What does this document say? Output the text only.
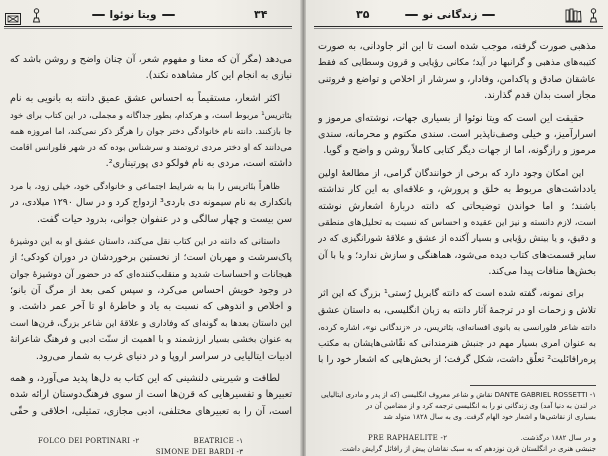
ویتا نوئوا	۳۴
می‌دهد (مگر آن که معنا و مفهوم شعر، آن چنان واضح و روشن باشد که
نیازی به انجام این کار مشاهده نکند).
اکثر اشعار، مستقیماً به احساس عشق عمیق دانته به بانویی به نام
بئاتریس¹ مربوط است، و هرکدام، بطور جداگانه و مجملی، در این کتاب برای خود
جا بازکنند. دانته نام خانوادگی دختر جوان را هرگز ذکر نمی‌کند، اما امروزه همه
می‌دانند که او دختر مردی ثروتمند و سرشناس بوده که در شهر فلورانس اقامت
داشته است، مردی به نام فولکو دی پورتیناری².
ظاهراً بئاتریس را بنا به شرایط اجتماعی و خانوادگی خود، خیلی زود، با مرد
بانکداری به نام سیمونه دی باردی³ ازدواج کرد و در سال ۱۲۹۰ میلادی، در
سن بیست و چهار سالگی و در عنفوان جوانی، بدرود حیات گفت.
داستانی که دانته در این کتاب نقل می‌کند، داستان عشق او به این دوشیزهٔ
پاک‌سرشت و مهربان است؛ از نخستین برخوردشان در دوران کودکی؛ از
هیجانات و احساسات شدید و منقلب‌کننده‌ای که در حضور آن دوشیزهٔ جوان
در وجود خویش احساس می‌کرد، و سپس کمی بعد از مرگ آن بانو؛
و اخلاص و اندوهی که نسبت به یاد و خاطرهٔ او تا آخر عمر داشت. و
این داستان بعدها به گونه‌ای که وفاداری و علاقهٔ این شاعر بزرگ، قرن‌ها است
به عنوان بخشی بسیار ارزشمند و با اهمیت از سنّت ادبی و فرهنگ شاعرانهٔ
ادبیات ایتالیایی در سراسر اروپا و در دنیای غرب به شمار می‌رود.
لطافت و شیرینی دلنشینی که این کتاب به دل‌ها پدید می‌آورد، و همه
تعبیرها و تفسیرهایی که قرن‌ها است از سوی فرهنگ‌دوستان ارائه شده
است، آن را به تعبیرهای مختلفی، ادبی مجازی، تمثیلی، اخلاقی و حقّی
FOLCO DEI PORTINARI -۲	BEATRICE -۱
SIMONE DEI BARDI -۳
۳۵	زندگانی نو
مذهبی صورت گرفته، موجب شده است تا این اثر جاودانی، به صورت
کتیبه‌های مذهبی و گرانبها در آید؛ مکانی رؤیایی و قرون وسطایی که فقط
عاشقان صادق و پاکدامن، وفادار، و سرشار از اخلاص و تواضع و فروتنی
مجاز است بدان قدم گذارند.
حقیقت این است که ویتا نوئوا از بسیاری جهات، نوشته‌ای مرموز و
اسرارآمیز، و خیلی وصف‌ناپذیر است. سندی مکتوم و محرمانه، سندی
مرموز و رازگونه، اما از جهات دیگر کتابی کاملاً روشن و واضح و گویا.
این امکان وجود دارد که برخی از خوانندگان گرامی، از مطالعهٔ اولین
یادداشت‌های مربوط به خلق و پرورش، و علاقه‌ای به این کار نداشته
باشند؛ و اما خواندن توضیحاتی که دانته دربارهٔ اشعارش نوشته
است، لازم دانسته و نیز این عقیده و احساس که نسبت به تحلیل‌های منطقی
و دقیق، و یا بینش رؤیایی و بسیار آکنده از عشق و علاقهٔ شورانگیزی که در
سایر قسمت‌های کتاب دیده می‌شود، هماهنگی و سازش ندارد؛ و یا با آن
بخش‌ها منافات پیدا می‌کند.
برای نمونه، گفته شده است که دانته گابریل رُستی¹ بزرگ که این اثر
تلاش و زحمات او در ترجمهٔ آثار دانته به زبان انگلیسی، به داستان عشق
دانته شاعر فلورانسی به بانوی افسانه‌ای، بئاتریس، در «زندگانی نو»، اشاره کرده،
به عنوان امری بسیار مهم در جنبش هنرمندانی که نقّاشی‌هایشان به مکتب
پره‌رافائلیت² تعلّق داشت، شکل گرفت؛ از بخش‌هایی که اشعار خود را با
۱- DANTE GABRIEL ROSSETTI نقاش و شاعر معروف انگلیسی (که از پدر و مادری ایتالیایی
در لندن به دنیا آمد) وی زندگانی نو را به انگلیسی ترجمه کرد و از مضامین آن در
بسیاری از نقاشی‌ها و اشعار خود الهام گرفت. وی به سال ۱۸۲۸ متولد شد
و در سال ۱۸۸۲ درگذشت.
PRE RAPHAELITE -۲
جنبشی هنری در انگلستان قرن نوزدهم که به سبک نقاشان پیش از رافائل گرایش داشت.
